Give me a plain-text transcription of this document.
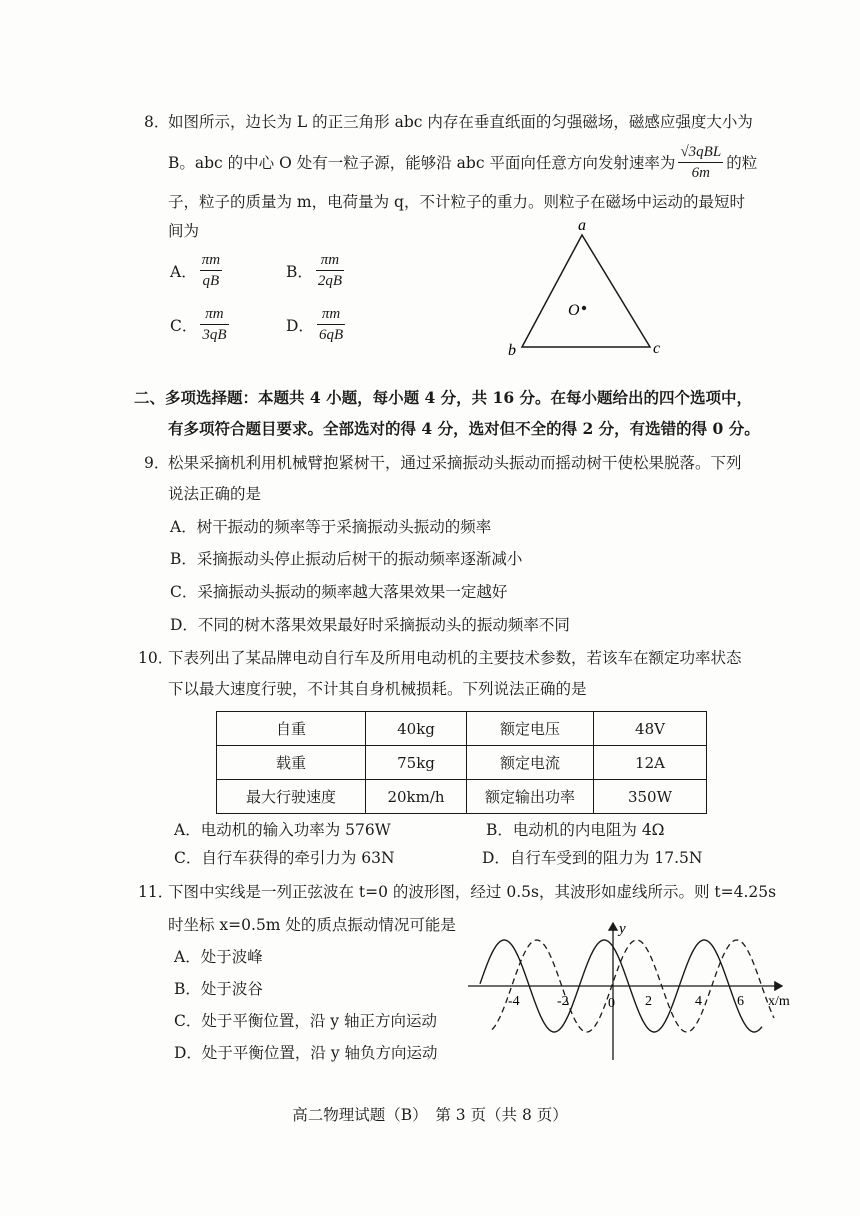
8．
如图所示，边长为 L 的正三角形 abc 内存在垂直纸面的匀强磁场，磁感应强度大小为
B。abc 的中心 O 处有一粒子源，能够沿 abc 平面向任意方向发射速率为 $\frac{\text{√3qBL}}{6m}$ 的粒
子，粒子的质量为 m，电荷量为 q，不计粒子的重力。则粒子在磁场中运动的最短时
间为
A． $\frac{\pi m}{qB}$	B． $\frac{\pi m}{2qB}$
C． $\frac{\pi m}{3qB}$	D． $\frac{\pi m}{6qB}$
a
b	c
O
二、多项选择题：本题共 4 小题，每小题 4 分，共 16 分。在每小题给出的四个选项中，
有多项符合题目要求。全部选对的得 4 分，选对但不全的得 2 分，有选错的得 0 分。
9．
松果采摘机利用机械臂抱紧树干，通过采摘振动头振动而摇动树干使松果脱落。下列
说法正确的是
A．树干振动的频率等于采摘振动头振动的频率
B．采摘振动头停止振动后树干的振动频率逐渐减小
C．采摘振动头振动的频率越大落果效果一定越好
D．不同的树木落果效果最好时采摘振动头的振动频率不同
10．
下表列出了某品牌电动自行车及所用电动机的主要技术参数，若该车在额定功率状态
下以最大速度行驶，不计其自身机械损耗。下列说法正确的是
自重	40kg	额定电压	48V
载重	75kg	额定电流	12A
最大行驶速度	20km/h	额定输出功率	350W
A．电动机的输入功率为 576W	B．电动机的内电阻为 4Ω
C．自行车获得的牵引力为 63N	D．自行车受到的阻力为 17.5N
11．
下图中实线是一列正弦波在 t=0 的波形图，经过 0.5s，其波形如虚线所示。则 t=4.25s
时坐标 x=0.5m 处的质点振动情况可能是
A．处于波峰
B．处于波谷
C．处于平衡位置，沿 y 轴正方向运动
D．处于平衡位置，沿 y 轴负方向运动
y
x/m
0
-4	-2	2	4	6
高二物理试题（B）　第 3 页（共 8 页）
